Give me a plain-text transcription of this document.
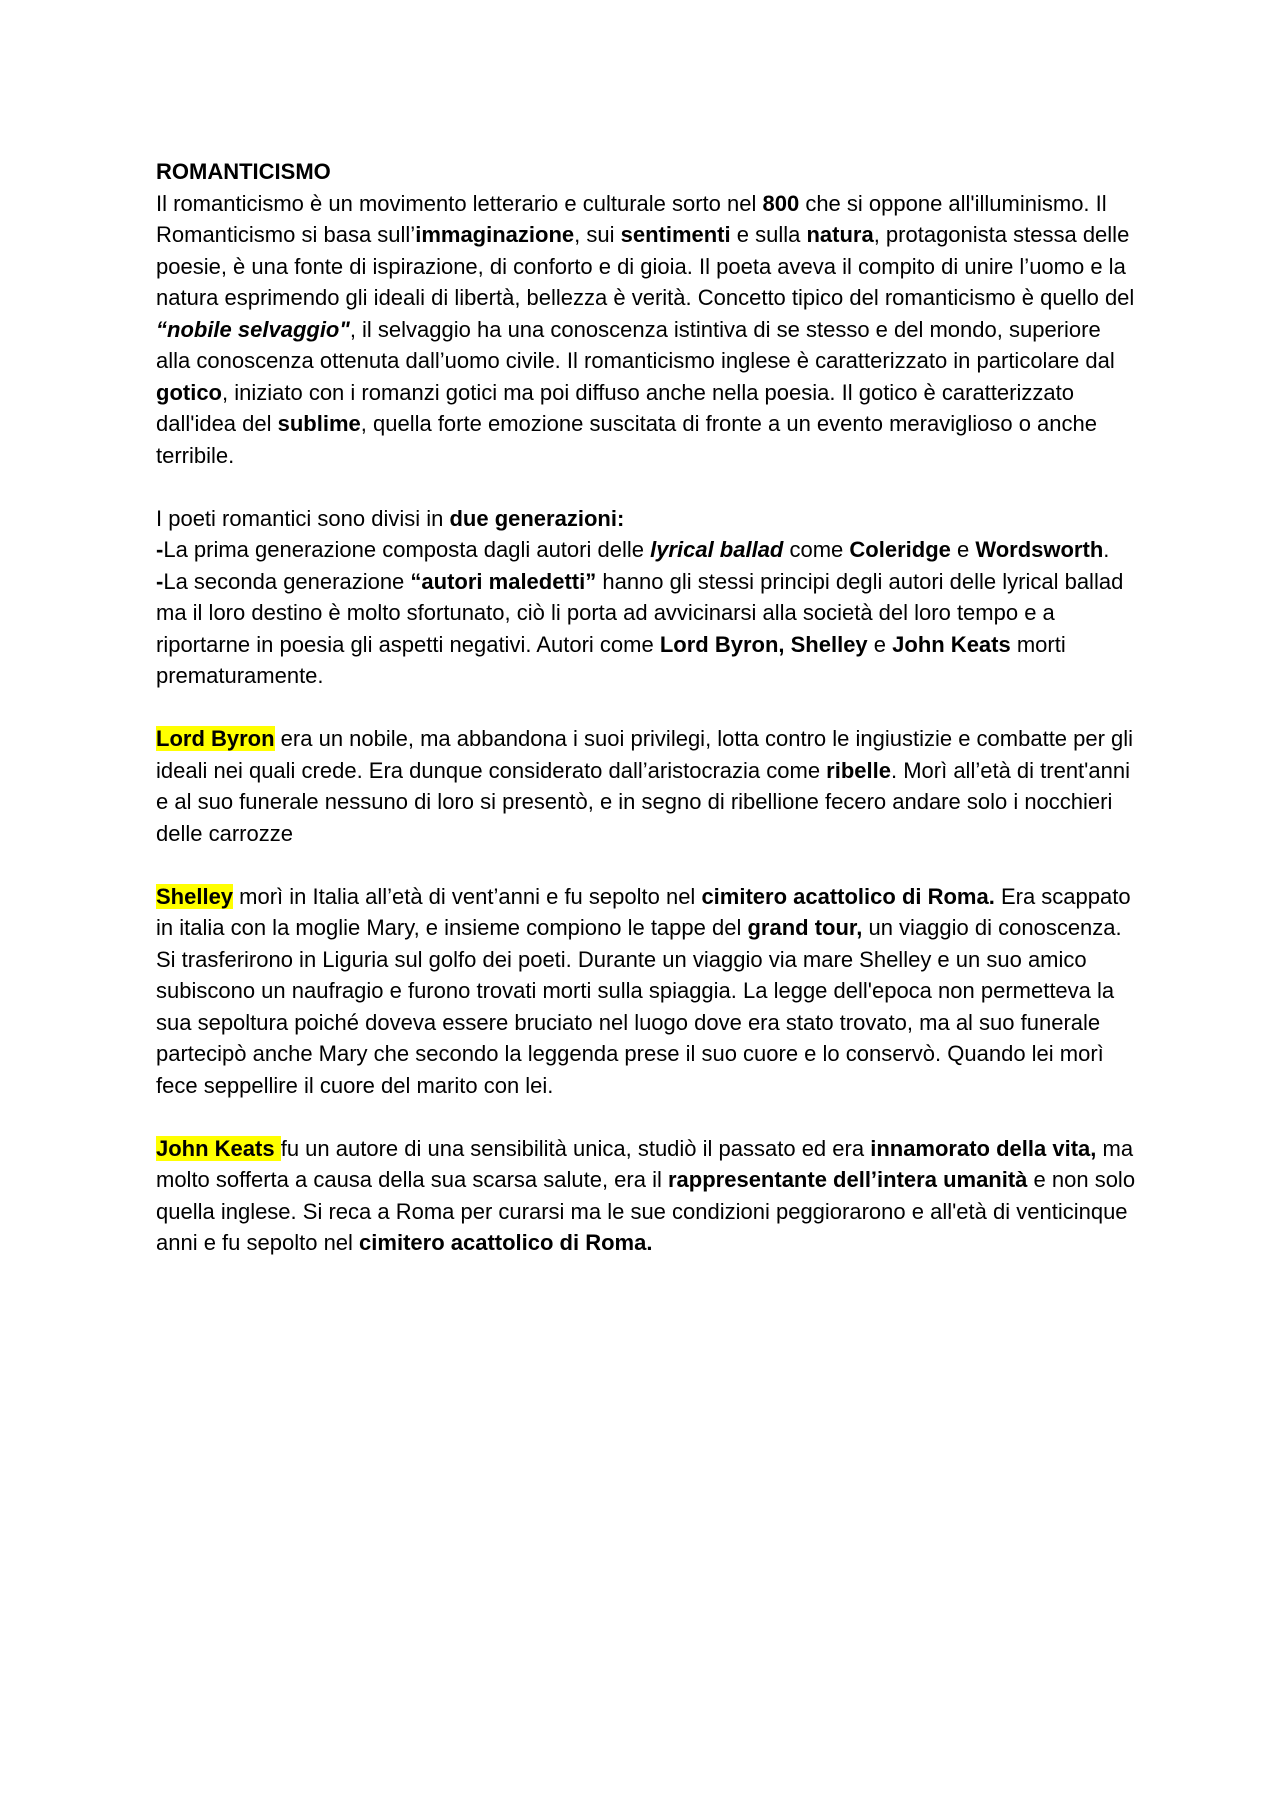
ROMANTICISMO

Il romanticismo è un movimento letterario e culturale sorto nel 800 che si oppone all'illuminismo. Il Romanticismo si basa sull’immaginazione, sui sentimenti e sulla natura, protagonista stessa delle poesie, è una fonte di ispirazione, di conforto e di gioia. Il poeta aveva il compito di unire l’uomo e la natura esprimendo gli ideali di libertà, bellezza è verità. Concetto tipico del romanticismo è quello del “nobile selvaggio", il selvaggio ha una conoscenza istintiva di se stesso e del mondo, superiore alla conoscenza ottenuta dall’uomo civile. Il romanticismo inglese è caratterizzato in particolare dal gotico, iniziato con i romanzi gotici ma poi diffuso anche nella poesia. Il gotico è caratterizzato dall'idea del sublime, quella forte emozione suscitata di fronte a un evento meraviglioso o anche terribile.

I poeti romantici sono divisi in due generazioni:

-La prima generazione composta dagli autori delle lyrical ballad come Coleridge e Wordsworth.

-La seconda generazione “autori maledetti” hanno gli stessi principi degli autori delle lyrical ballad ma il loro destino è molto sfortunato, ciò li porta ad avvicinarsi alla società del loro tempo e a riportarne in poesia gli aspetti negativi. Autori come Lord Byron, Shelley e John Keats morti prematuramente.

Lord Byron era un nobile, ma abbandona i suoi privilegi, lotta contro le ingiustizie e combatte per gli ideali nei quali crede. Era dunque considerato dall’aristocrazia come ribelle. Morì all’età di trent'anni e al suo funerale nessuno di loro si presentò, e in segno di ribellione fecero andare solo i nocchieri delle carrozze

Shelley morì in Italia all’età di vent’anni e fu sepolto nel cimitero acattolico di Roma. Era scappato in italia con la moglie Mary, e insieme compiono le tappe del grand tour, un viaggio di conoscenza. Si trasferirono in Liguria sul golfo dei poeti. Durante un viaggio via mare Shelley e un suo amico subiscono un naufragio e furono trovati morti sulla spiaggia. La legge dell'epoca non permetteva la sua sepoltura poiché doveva essere bruciato nel luogo dove era stato trovato, ma al suo funerale partecipò anche Mary che secondo la leggenda prese il suo cuore e lo conservò. Quando lei morì fece seppellire il cuore del marito con lei.

John Keats fu un autore di una sensibilità unica, studiò il passato ed era innamorato della vita, ma molto sofferta a causa della sua scarsa salute, era il rappresentante dell’intera umanità e non solo quella inglese. Si reca a Roma per curarsi ma le sue condizioni peggiorarono e all'età di venticinque anni e fu sepolto nel cimitero acattolico di Roma.
